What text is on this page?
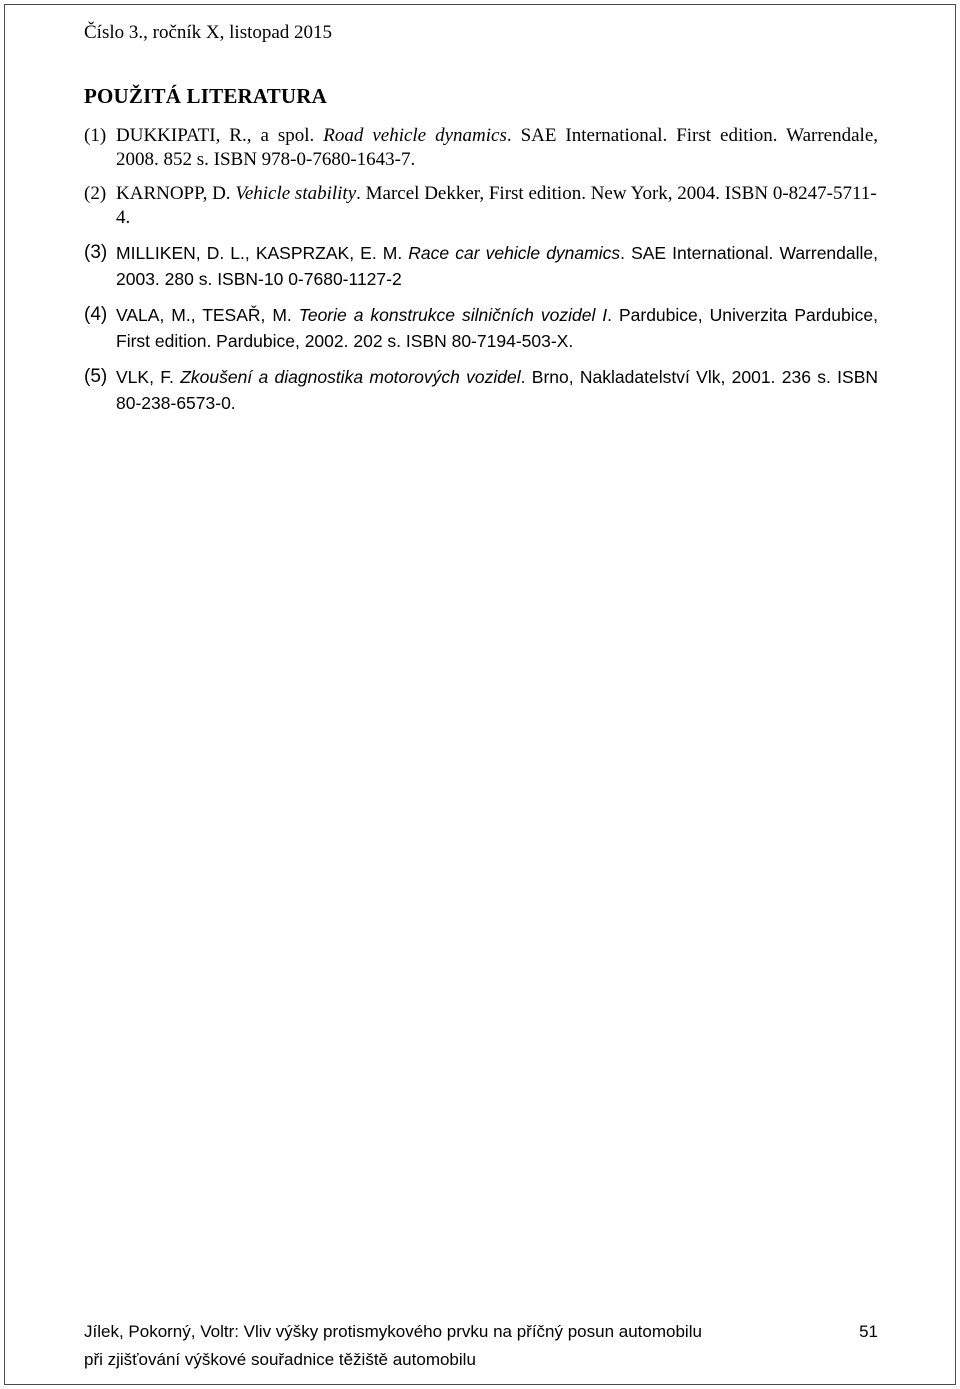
Číslo 3., ročník X, listopad 2015
POUŽITÁ LITERATURA
(1) DUKKIPATI, R., a spol. Road vehicle dynamics. SAE International. First edition. Warrendale, 2008. 852 s. ISBN 978-0-7680-1643-7.
(2) KARNOPP, D. Vehicle stability. Marcel Dekker, First edition. New York, 2004. ISBN 0-8247-5711-4.
(3) MILLIKEN, D. L., KASPRZAK, E. M. Race car vehicle dynamics. SAE International. Warrendalle, 2003. 280 s. ISBN-10 0-7680-1127-2
(4) VALA, M., TESAŘ, M. Teorie a konstrukce silničních vozidel I. Pardubice, Univerzita Pardubice, First edition. Pardubice, 2002. 202 s. ISBN 80-7194-503-X.
(5) VLK, F. Zkoušení a diagnostika motorových vozidel. Brno, Nakladatelství Vlk, 2001. 236 s. ISBN 80-238-6573-0.
Jílek, Pokorný, Voltr: Vliv výšky protismykového prvku na příčný posun automobilu
při zjišťování výškové souřadnice těžiště automobilu
51
